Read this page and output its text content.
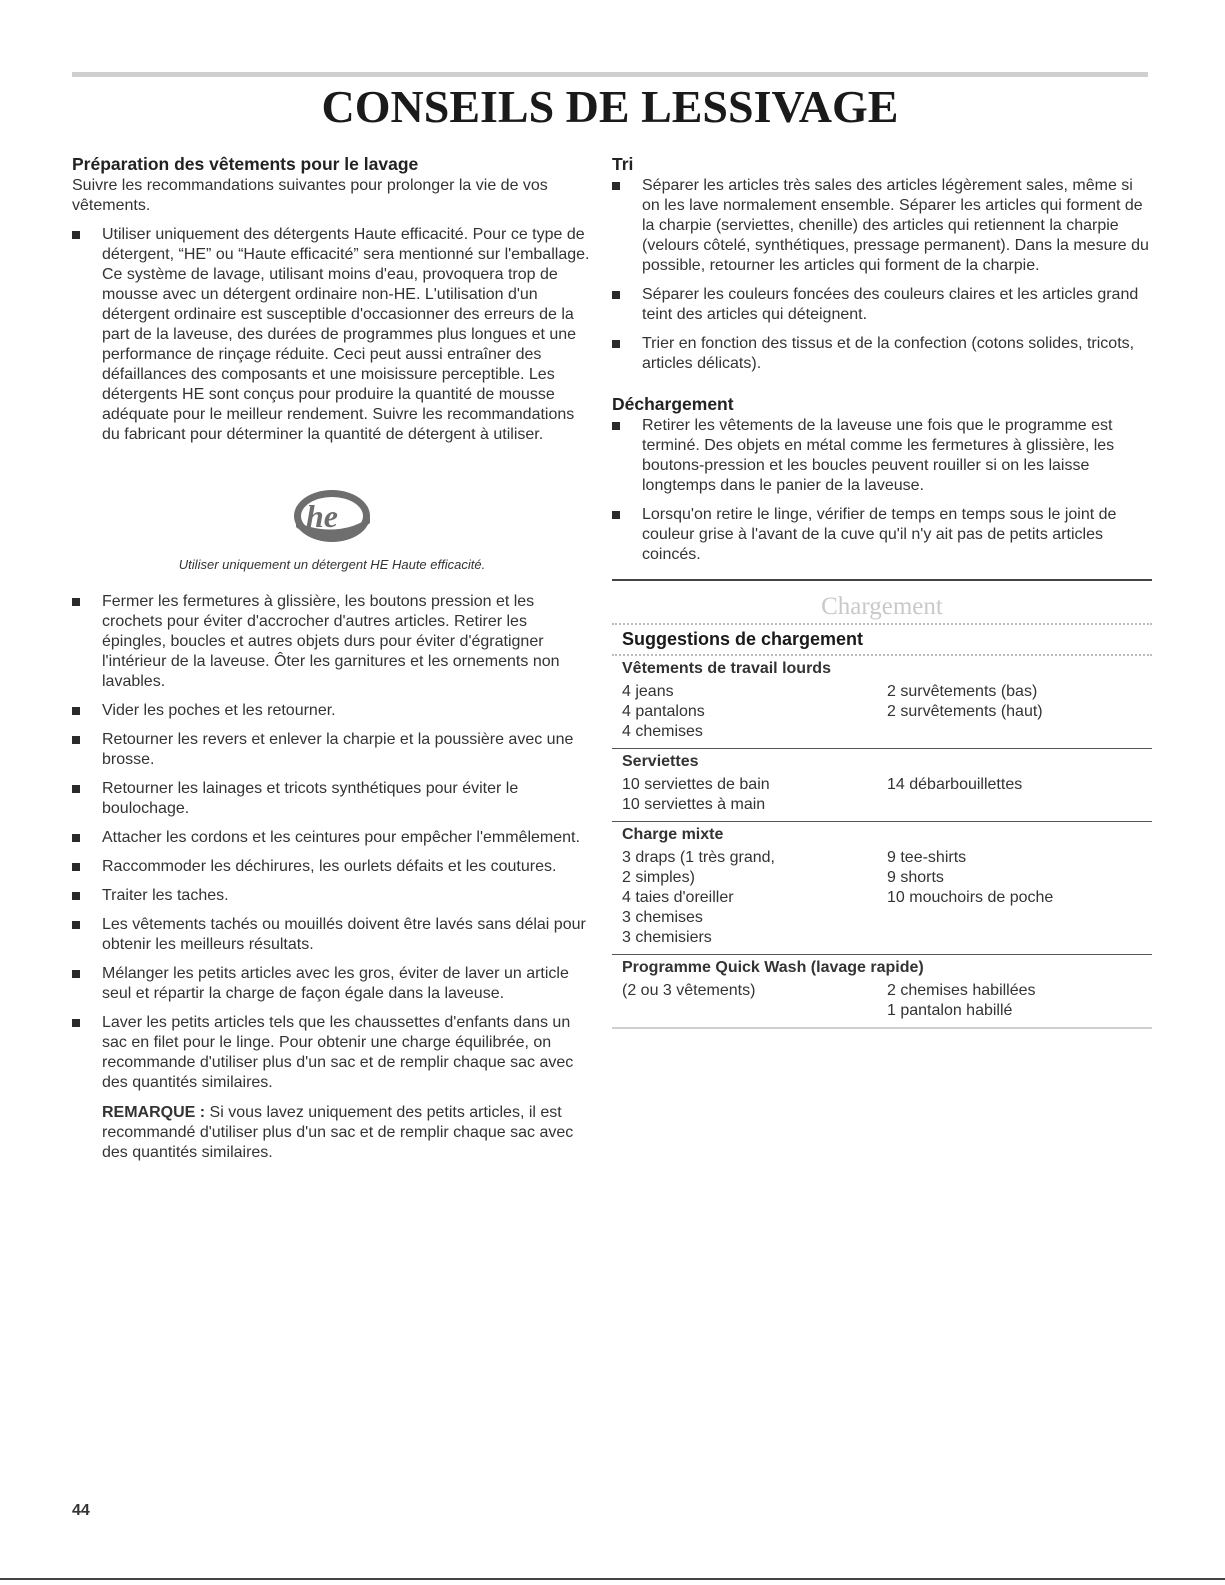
CONSEILS DE LESSIVAGE
Préparation des vêtements pour le lavage

Suivre les recommandations suivantes pour prolonger la vie de vos vêtements.

Utiliser uniquement des détergents Haute efficacité. Pour ce type de détergent, “HE” ou “Haute efficacité” sera mentionné sur l'emballage. Ce système de lavage, utilisant moins d'eau, provoquera trop de mousse avec un détergent ordinaire non-HE. L'utilisation d'un détergent ordinaire est susceptible d'occasionner des erreurs de la part de la laveuse, des durées de programmes plus longues et une performance de rinçage réduite. Ceci peut aussi entraîner des défaillances des composants et une moisissure perceptible. Les détergents HE sont conçus pour produire la quantité de mousse adéquate pour le meilleur rendement. Suivre les recommandations du fabricant pour déterminer la quantité de détergent à utiliser.
he

Utiliser uniquement un détergent HE Haute efficacité.

Fermer les fermetures à glissière, les boutons pression et les crochets pour éviter d'accrocher d'autres articles. Retirer les épingles, boucles et autres objets durs pour éviter d'égratigner l'intérieur de la laveuse. Ôter les garnitures et les ornements non lavables.
Vider les poches et les retourner.
Retourner les revers et enlever la charpie et la poussière avec une brosse.
Retourner les lainages et tricots synthétiques pour éviter le boulochage.
Attacher les cordons et les ceintures pour empêcher l'emmêlement.
Raccommoder les déchirures, les ourlets défaits et les coutures.
Traiter les taches.
Les vêtements tachés ou mouillés doivent être lavés sans délai pour obtenir les meilleurs résultats.
Mélanger les petits articles avec les gros, éviter de laver un article seul et répartir la charge de façon égale dans la laveuse.
Laver les petits articles tels que les chaussettes d'enfants dans un sac en filet pour le linge. Pour obtenir une charge équilibrée, on recommande d'utiliser plus d'un sac et de remplir chaque sac avec des quantités similaires.

REMARQUE : Si vous lavez uniquement des petits articles, il est recommandé d'utiliser plus d'un sac et de remplir chaque sac avec des quantités similaires.

Tri
Séparer les articles très sales des articles légèrement sales, même si on les lave normalement ensemble. Séparer les articles qui forment de la charpie (serviettes, chenille) des articles qui retiennent la charpie (velours côtelé, synthétiques, pressage permanent). Dans la mesure du possible, retourner les articles qui forment de la charpie.
Séparer les couleurs foncées des couleurs claires et les articles grand teint des articles qui déteignent.
Trier en fonction des tissus et de la confection (cotons solides, tricots, articles délicats).
Déchargement
Retirer les vêtements de la laveuse une fois que le programme est terminé. Des objets en métal comme les fermetures à glissière, les boutons-pression et les boucles peuvent rouiller si on les laisse longtemps dans le panier de la laveuse.
Lorsqu'on retire le linge, vérifier de temps en temps sous le joint de couleur grise à l'avant de la cuve qu'il n'y ait pas de petits articles coincés.
Chargement
Suggestions de chargement
Vêtements de travail lourds
4 jeans
4 pantalons
4 chemises
2 survêtements (bas)
2 survêtements (haut)
Serviettes
10 serviettes de bain
10 serviettes à main
14 débarbouillettes
Charge mixte
3 draps (1 très grand,
2 simples)
4 taies d'oreiller
3 chemises
3 chemisiers
9 tee-shirts
9 shorts
10 mouchoirs de poche
Programme Quick Wash (lavage rapide)
(2 ou 3 vêtements)	2 chemises habillées
1 pantalon habillé
44
